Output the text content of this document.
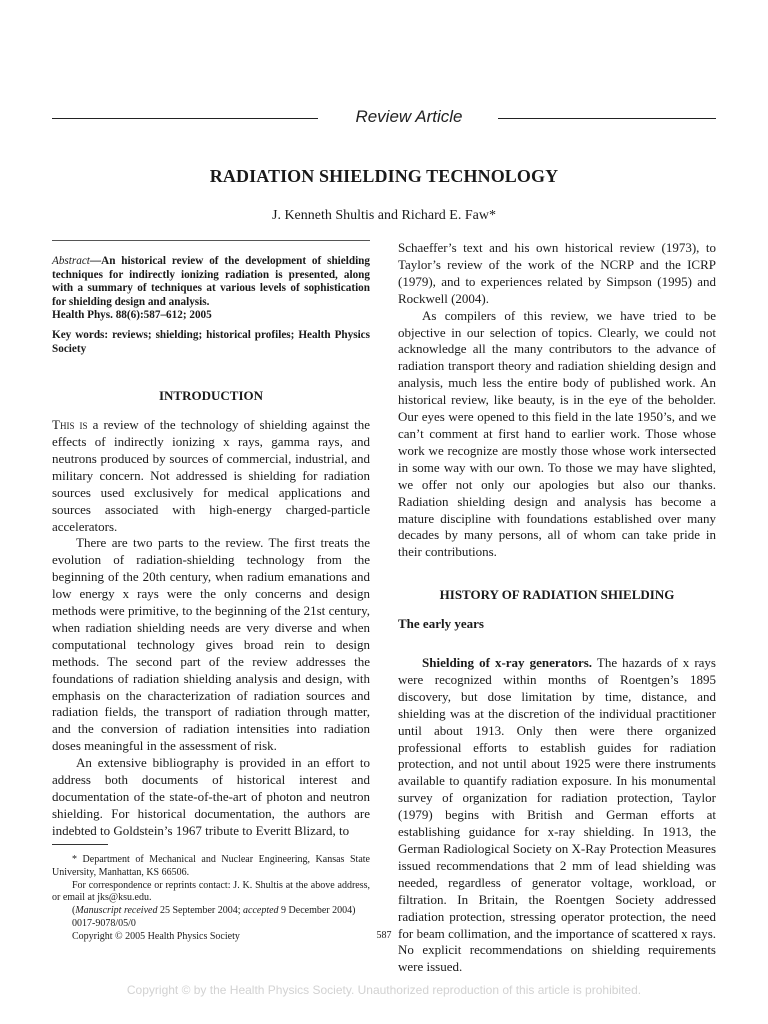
Review Article
RADIATION SHIELDING TECHNOLOGY
J. Kenneth Shultis and Richard E. Faw*

Abstract—An historical review of the development of shielding techniques for indirectly ionizing radiation is presented, along with a summary of techniques at various levels of sophistication for shielding design and analysis.

Health Phys. 88(6):587–612; 2005

Key words: reviews; shielding; historical profiles; Health Physics Society

INTRODUCTION

This is a review of the technology of shielding against the effects of indirectly ionizing x rays, gamma rays, and neutrons produced by sources of commercial, industrial, and military concern. Not addressed is shielding for radiation sources used exclusively for medical applications and sources associated with high-energy charged-particle accelerators.

There are two parts to the review. The first treats the evolution of radiation-shielding technology from the beginning of the 20th century, when radium emanations and low energy x rays were the only concerns and design methods were primitive, to the beginning of the 21st century, when radiation shielding needs are very diverse and when computational technology gives broad rein to design methods. The second part of the review addresses the foundations of radiation shielding analysis and design, with emphasis on the characterization of radiation sources and radiation fields, the transport of radiation through matter, and the conversion of radiation intensities into radiation doses meaningful in the assessment of risk.

An extensive bibliography is provided in an effort to address both documents of historical interest and documentation of the state-of-the-art of photon and neutron shielding. For historical documentation, the authors are indebted to Goldstein’s 1967 tribute to Everitt Blizard, to

Schaeffer’s text and his own historical review (1973), to Taylor’s review of the work of the NCRP and the ICRP (1979), and to experiences related by Simpson (1995) and Rockwell (2004).

As compilers of this review, we have tried to be objective in our selection of topics. Clearly, we could not acknowledge all the many contributors to the advance of radiation transport theory and radiation shielding design and analysis, much less the entire body of published work. An historical review, like beauty, is in the eye of the beholder. Our eyes were opened to this field in the late 1950’s, and we can’t comment at first hand to earlier work. Those whose work we recognize are mostly those whose work intersected in some way with our own. To those we may have slighted, we offer not only our apologies but also our thanks. Radiation shielding design and analysis has become a mature discipline with foundations established over many decades by many persons, all of whom can take pride in their contributions.

HISTORY OF RADIATION SHIELDING
The early years

Shielding of x-ray generators. The hazards of x rays were recognized within months of Roentgen’s 1895 discovery, but dose limitation by time, distance, and shielding was at the discretion of the individual practitioner until about 1913. Only then were there organized professional efforts to establish guides for radiation protection, and not until about 1925 were there instruments available to quantify radiation exposure. In his monumental survey of organization for radiation protection, Taylor (1979) begins with British and German efforts at establishing guidance for x-ray shielding. In 1913, the German Radiological Society on X-Ray Protection Measures issued recommendations that 2 mm of lead shielding was needed, regardless of generator voltage, workload, or filtration. In Britain, the Roentgen Society addressed radiation protection, stressing operator protection, the need for beam collimation, and the importance of scattered x rays. No explicit recommendations on shielding requirements were issued.

* Department of Mechanical and Nuclear Engineering, Kansas State University, Manhattan, KS 66506.

For correspondence or reprints contact: J. K. Shultis at the above address, or email at jks@ksu.edu.

(Manuscript received 25 September 2004; accepted 9 December 2004)

0017-9078/05/0

Copyright © 2005 Health Physics Society	587
Copyright © by the Health Physics Society. Unauthorized reproduction of this article is prohibited.
